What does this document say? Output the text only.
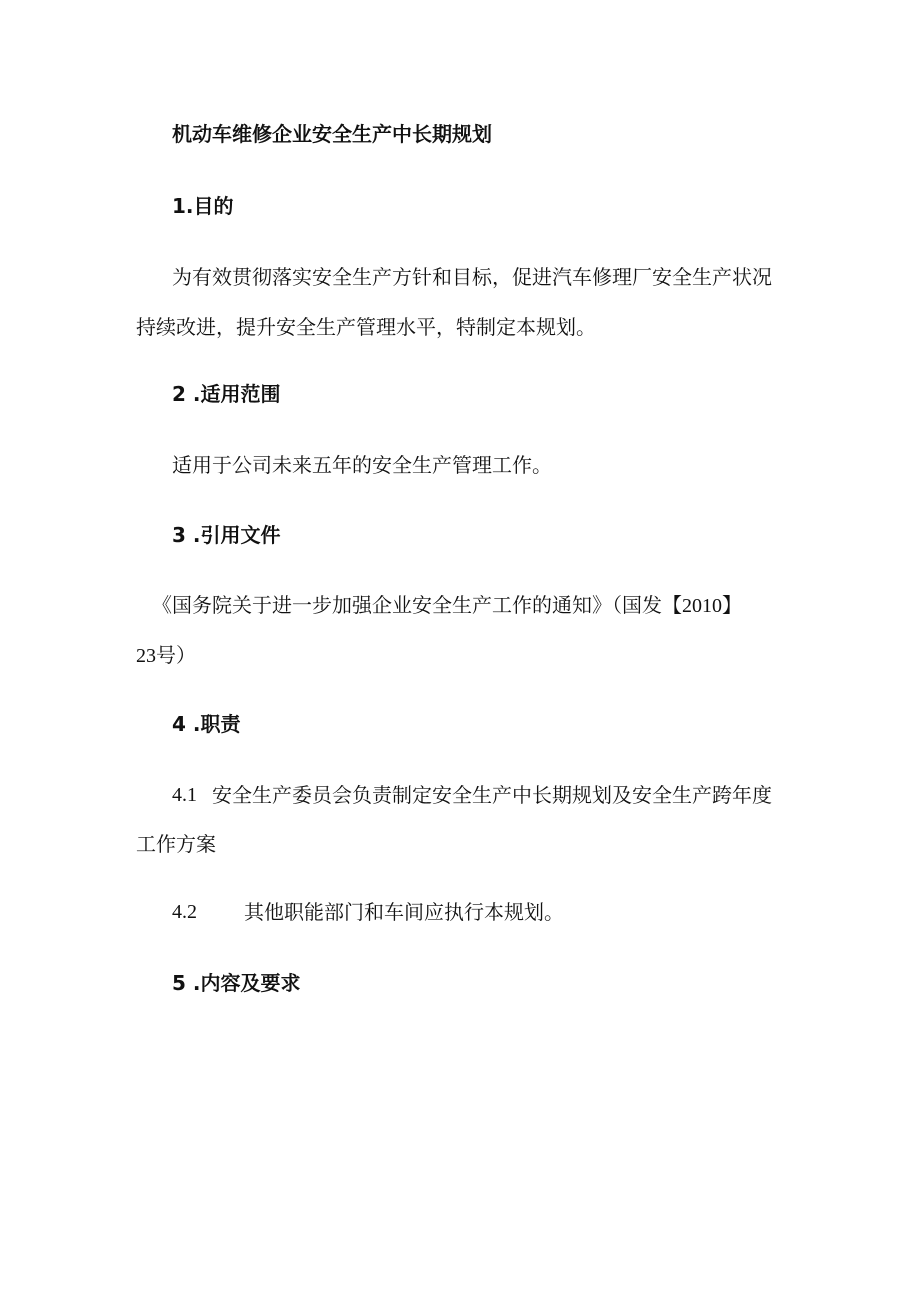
机动车维修企业安全生产中长期规划
1.目的
为有效贯彻落实安全生产方针和目标，促进汽车修理厂安全生产状况
持续改进，提升安全生产管理水平，特制定本规划。
2 .适用范围
适用于公司未来五年的安全生产管理工作。
3 .引用文件
《国务院关于进一步加强企业安全生产工作的通知》（国发【2010】
23号）
4 .职责
4.1 安全生产委员会负责制定安全生产中长期规划及安全生产跨年度
工作方案
4.2 其他职能部门和车间应执行本规划。
5 .内容及要求
